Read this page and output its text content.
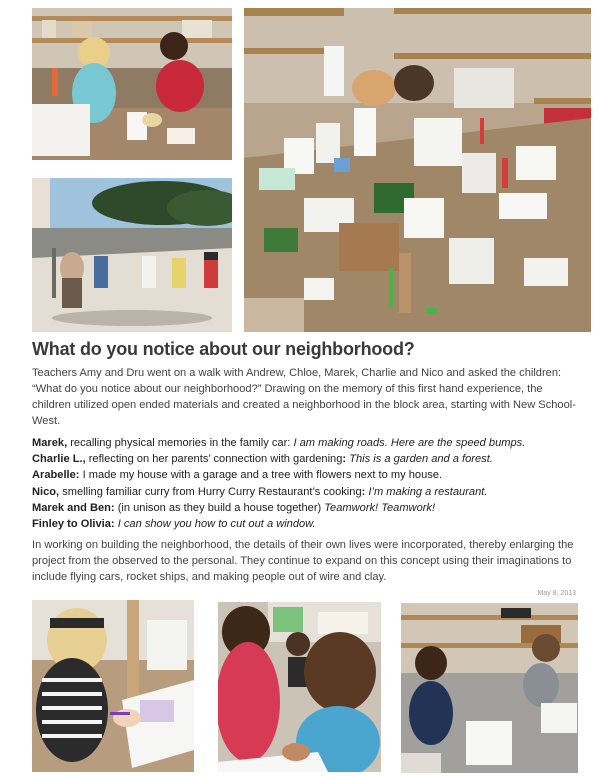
What do you notice about our neighborhood?

Teachers Amy and Dru went on a walk with Andrew, Chloe, Marek, Charlie and Nico and asked the children: “What do you notice about our neighborhood?” Drawing on the memory of this first hand experience, the children utilized open ended materials and created a neighborhood in the block area, starting with New School-West.

Marek, recalling physical memories in the family car: I am making roads. Here are the speed bumps.
Charlie L., reflecting on her parents’ connection with gardening: This is a garden and a forest.
Arabelle: I made my house with a garage and a tree with flowers next to my house.
Nico, smelling familiar curry from Hurry Curry Restaurant’s cooking: I’m making a restaurant.
Marek and Ben: (in unison as they build a house together) Teamwork! Teamwork!
Finley to Olivia: I can show you how to cut out a window.

In working on building the neighborhood, the details of their own lives were incorporated, thereby enlarging the project from the observed to the personal. They continue to expand on this concept using their imaginations to include flying cars, rocket ships, and making people out of wire and clay.

May 8, 2013
